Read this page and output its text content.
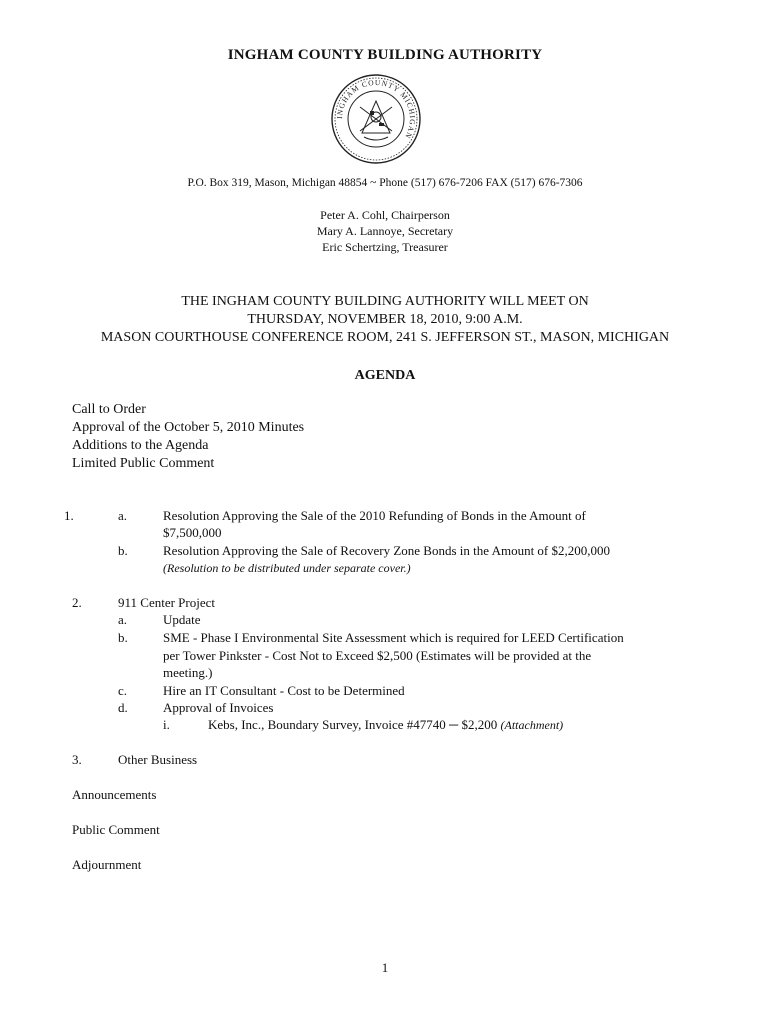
INGHAM COUNTY BUILDING AUTHORITY
INGHAM COUNTY MICHIGAN
P.O. Box 319, Mason, Michigan 48854 ~ Phone (517) 676-7206 FAX (517) 676-7306
Peter A. Cohl, Chairperson
Mary A. Lannoye, Secretary
Eric Schertzing, Treasurer
THE INGHAM COUNTY BUILDING AUTHORITY WILL MEET ON
THURSDAY, NOVEMBER 18, 2010, 9:00 A.M.
MASON COURTHOUSE CONFERENCE ROOM, 241 S. JEFFERSON ST., MASON, MICHIGAN
AGENDA
Call to Order
Approval of the October 5, 2010 Minutes
Additions to the Agenda
Limited Public Comment
1.	a.	Resolution Approving the Sale of the 2010 Refunding of Bonds in the Amount of
$7,500,000
b.	Resolution Approving the Sale of Recovery Zone Bonds in the Amount of $2,200,000
(Resolution to be distributed under separate cover.)
2.	911 Center Project
a.	Update
b.	SME - Phase I Environmental Site Assessment which is required for LEED Certification
per Tower Pinkster - Cost Not to Exceed $2,500 (Estimates will be provided at the
meeting.)
c.	Hire an IT Consultant - Cost to be Determined
d.	Approval of Invoices
i.	Kebs, Inc., Boundary Survey, Invoice #47740 ─ $2,200 (Attachment)
3.	Other Business
Announcements
Public Comment
Adjournment
1
